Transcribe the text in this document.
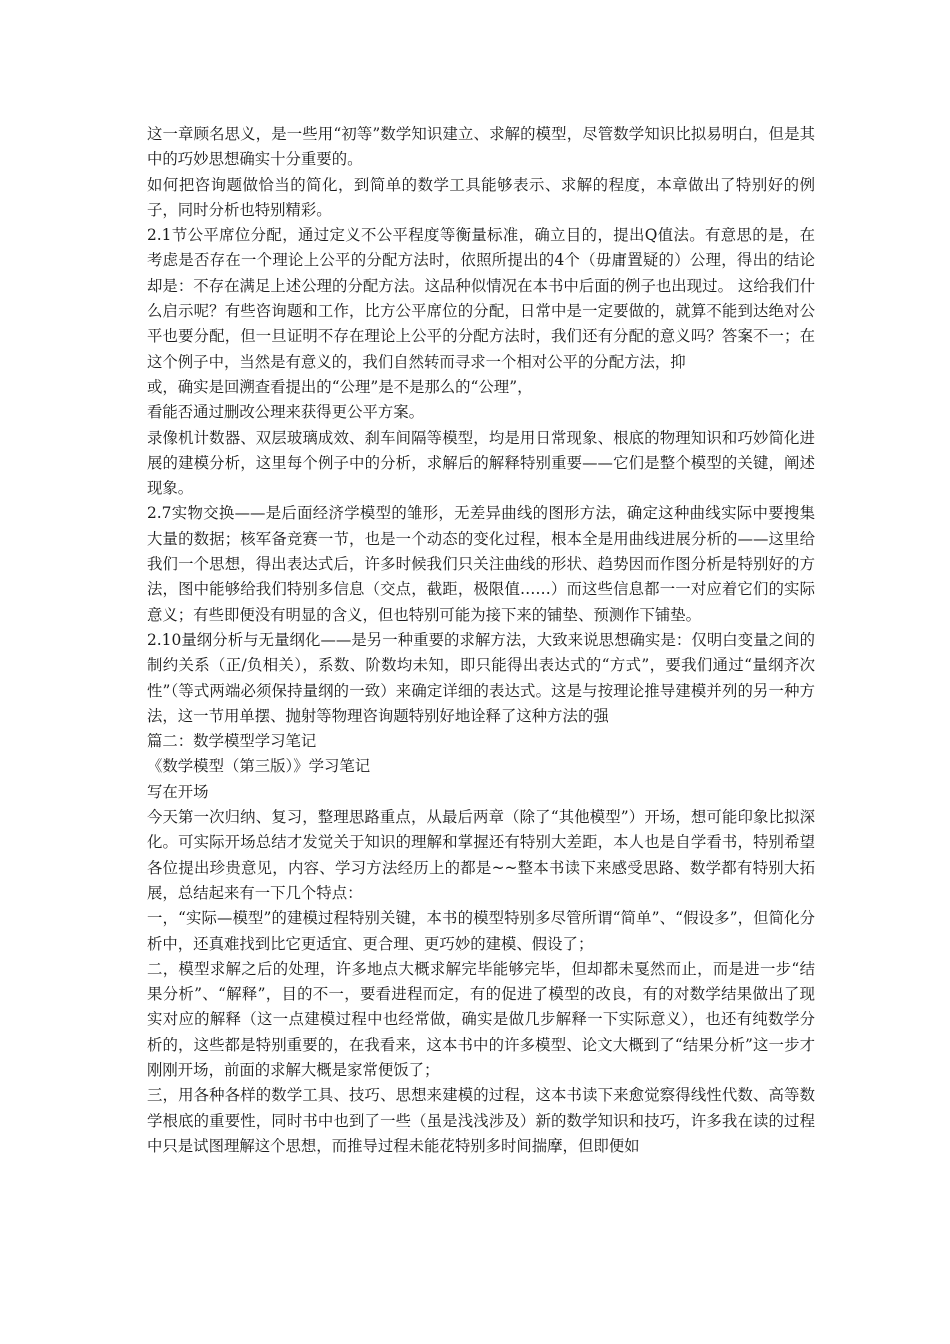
这一章顾名思义，是一些用“初等”数学知识建立、求解的模型，尽管数学知识比拟易明白，但是其中的巧妙思想确实十分重要的。

如何把咨询题做恰当的简化，到简单的数学工具能够表示、求解的程度，本章做出了特别好的例子，同时分析也特别精彩。

2.1节公平席位分配，通过定义不公平程度等衡量标准，确立目的，提出Q值法。有意思的是，在考虑是否存在一个理论上公平的分配方法时，依照所提出的4个（毋庸置疑的）公理，得出的结论却是：不存在满足上述公理的分配方法。这品种似情况在本书中后面的例子也出现过。 这给我们什么启示呢？有些咨询题和工作，比方公平席位的分配，日常中是一定要做的，就算不能到达绝对公平也要分配，但一旦证明不存在理论上公平的分配方法时，我们还有分配的意义吗？答案不一；在这个例子中，当然是有意义的，我们自然转而寻求一个相对公平的分配方法，抑

或，确实是回溯查看提出的“公理”是不是那么的“公理”，

看能否通过删改公理来获得更公平方案。

录像机计数器、双层玻璃成效、刹车间隔等模型，均是用日常现象、根底的物理知识和巧妙简化进展的建模分析，这里每个例子中的分析，求解后的解释特别重要——它们是整个模型的关键，阐述现象。

2.7实物交换——是后面经济学模型的雏形，无差异曲线的图形方法，确定这种曲线实际中要搜集大量的数据；核军备竞赛一节，也是一个动态的变化过程，根本全是用曲线进展分析的——这里给我们一个思想，得出表达式后，许多时候我们只关注曲线的形状、趋势因而作图分析是特别好的方法，图中能够给我们特别多信息（交点，截距，极限值……）而这些信息都一一对应着它们的实际意义；有些即便没有明显的含义，但也特别可能为接下来的铺垫、预测作下铺垫。

2.10量纲分析与无量纲化——是另一种重要的求解方法，大致来说思想确实是：仅明白变量之间的制约关系（正/负相关），系数、阶数均未知，即只能得出表达式的“方式”，要我们通过“量纲齐次性”（等式两端必须保持量纲的一致）来确定详细的表达式。这是与按理论推导建模并列的另一种方法，这一节用单摆、抛射等物理咨询题特别好地诠释了这种方法的强

篇二：数学模型学习笔记

《数学模型（第三版）》学习笔记

写在开场

今天第一次归纳、复习，整理思路重点，从最后两章（除了“其他模型”）开场，想可能印象比拟深化。可实际开场总结才发觉关于知识的理解和掌握还有特别大差距，本人也是自学看书，特别希望各位提出珍贵意见，内容、学习方法经历上的都是~~整本书读下来感受思路、数学都有特别大拓展，总结起来有一下几个特点：

一，“实际—模型”的建模过程特别关键，本书的模型特别多尽管所谓“简单”、“假设多”，但简化分析中，还真难找到比它更适宜、更合理、更巧妙的建模、假设了；

二，模型求解之后的处理，许多地点大概求解完毕能够完毕，但却都未戛然而止，而是进一步“结果分析”、“解释”，目的不一，要看进程而定，有的促进了模型的改良，有的对数学结果做出了现实对应的解释（这一点建模过程中也经常做，确实是做几步解释一下实际意义），也还有纯数学分析的，这些都是特别重要的，在我看来，这本书中的许多模型、论文大概到了“结果分析”这一步才刚刚开场，前面的求解大概是家常便饭了；

三，用各种各样的数学工具、技巧、思想来建模的过程，这本书读下来愈觉察得线性代数、高等数学根底的重要性，同时书中也到了一些（虽是浅浅涉及）新的数学知识和技巧，许多我在读的过程中只是试图理解这个思想，而推导过程未能花特别多时间揣摩，但即便如
